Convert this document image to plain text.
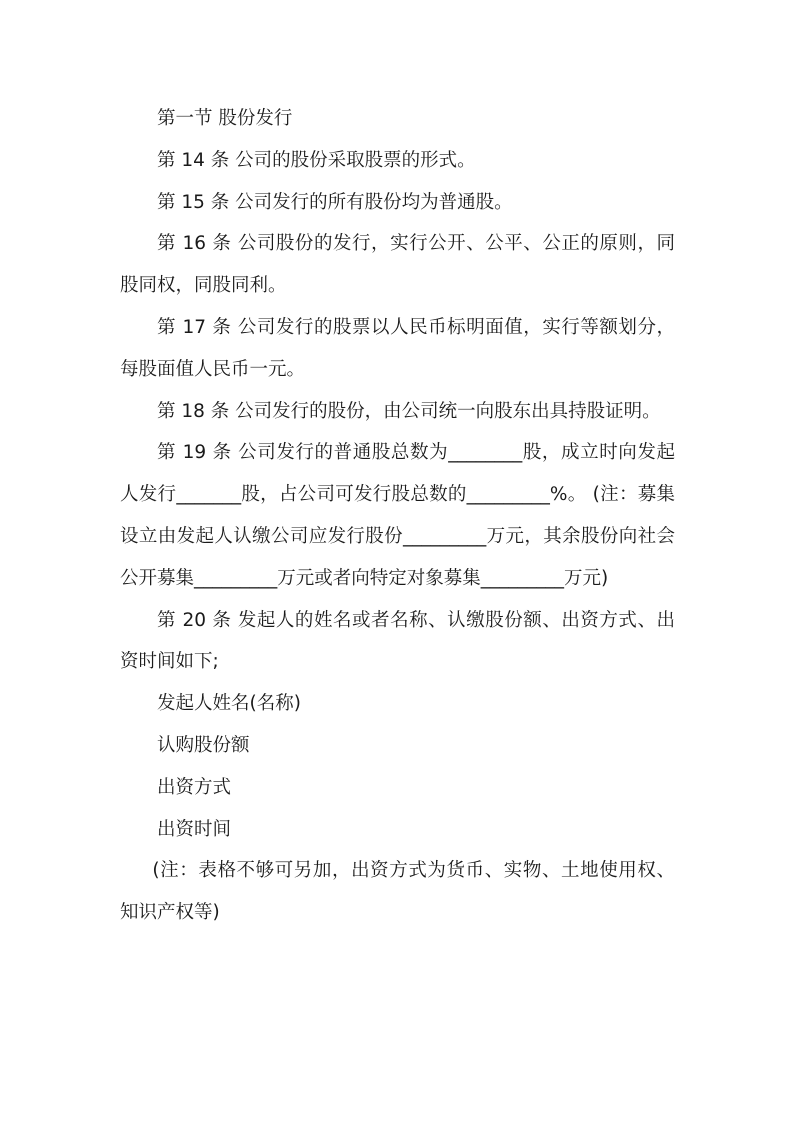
第一节 股份发行

第 14 条 公司的股份采取股票的形式。

第 15 条 公司发行的所有股份均为普通股。

第 16 条 公司股份的发行，实行公开、公平、公正的原则，同股同权，同股同利。

第 17 条 公司发行的股票以人民币标明面值，实行等额划分，每股面值人民币一元。

第 18 条 公司发行的股份，由公司统一向股东出具持股证明。

第 19 条 公司发行的普通股总数为________股，成立时向发起人发行_______股，占公司可发行股总数的_________%。 (注：募集设立由发起人认缴公司应发行股份_________万元，其余股份向社会公开募集_________万元或者向特定对象募集_________万元)

第 20 条 发起人的姓名或者名称、认缴股份额、出资方式、出资时间如下;

发起人姓名(名称)

认购股份额

出资方式

出资时间

(注：表格不够可另加，出资方式为货币、实物、土地使用权、知识产权等)
